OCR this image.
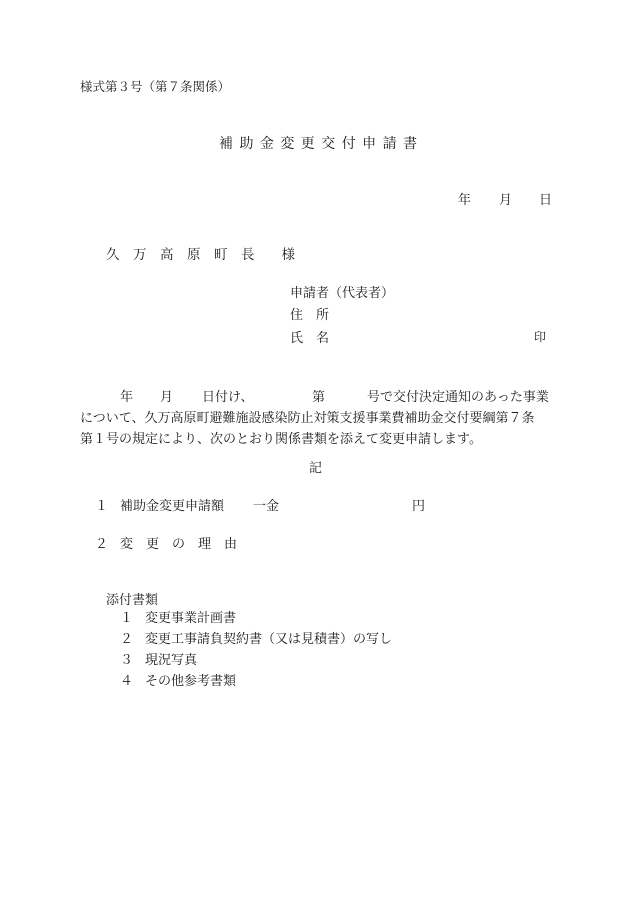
様式第３号（第７条関係）
補 助 金 変 更 交 付 申 請 書
年 月 日
久　万　高　原　町　長　　様
申請者（代表者）
住　所
氏　名	印
年 月 日付け、	第	号で交付決定通知のあった事業
について、久万高原町避難施設感染防止対策支援事業費補助金交付要綱第７条
第１号の規定により、次のとおり関係書類を添えて変更申請します。
記
１ 補助金変更申請額 一金	円
２ 変　更　の　理　由
添付書類
１ 変更事業計画書
２ 変更工事請負契約書（又は見積書）の写し
３ 現況写真
４ その他参考書類
